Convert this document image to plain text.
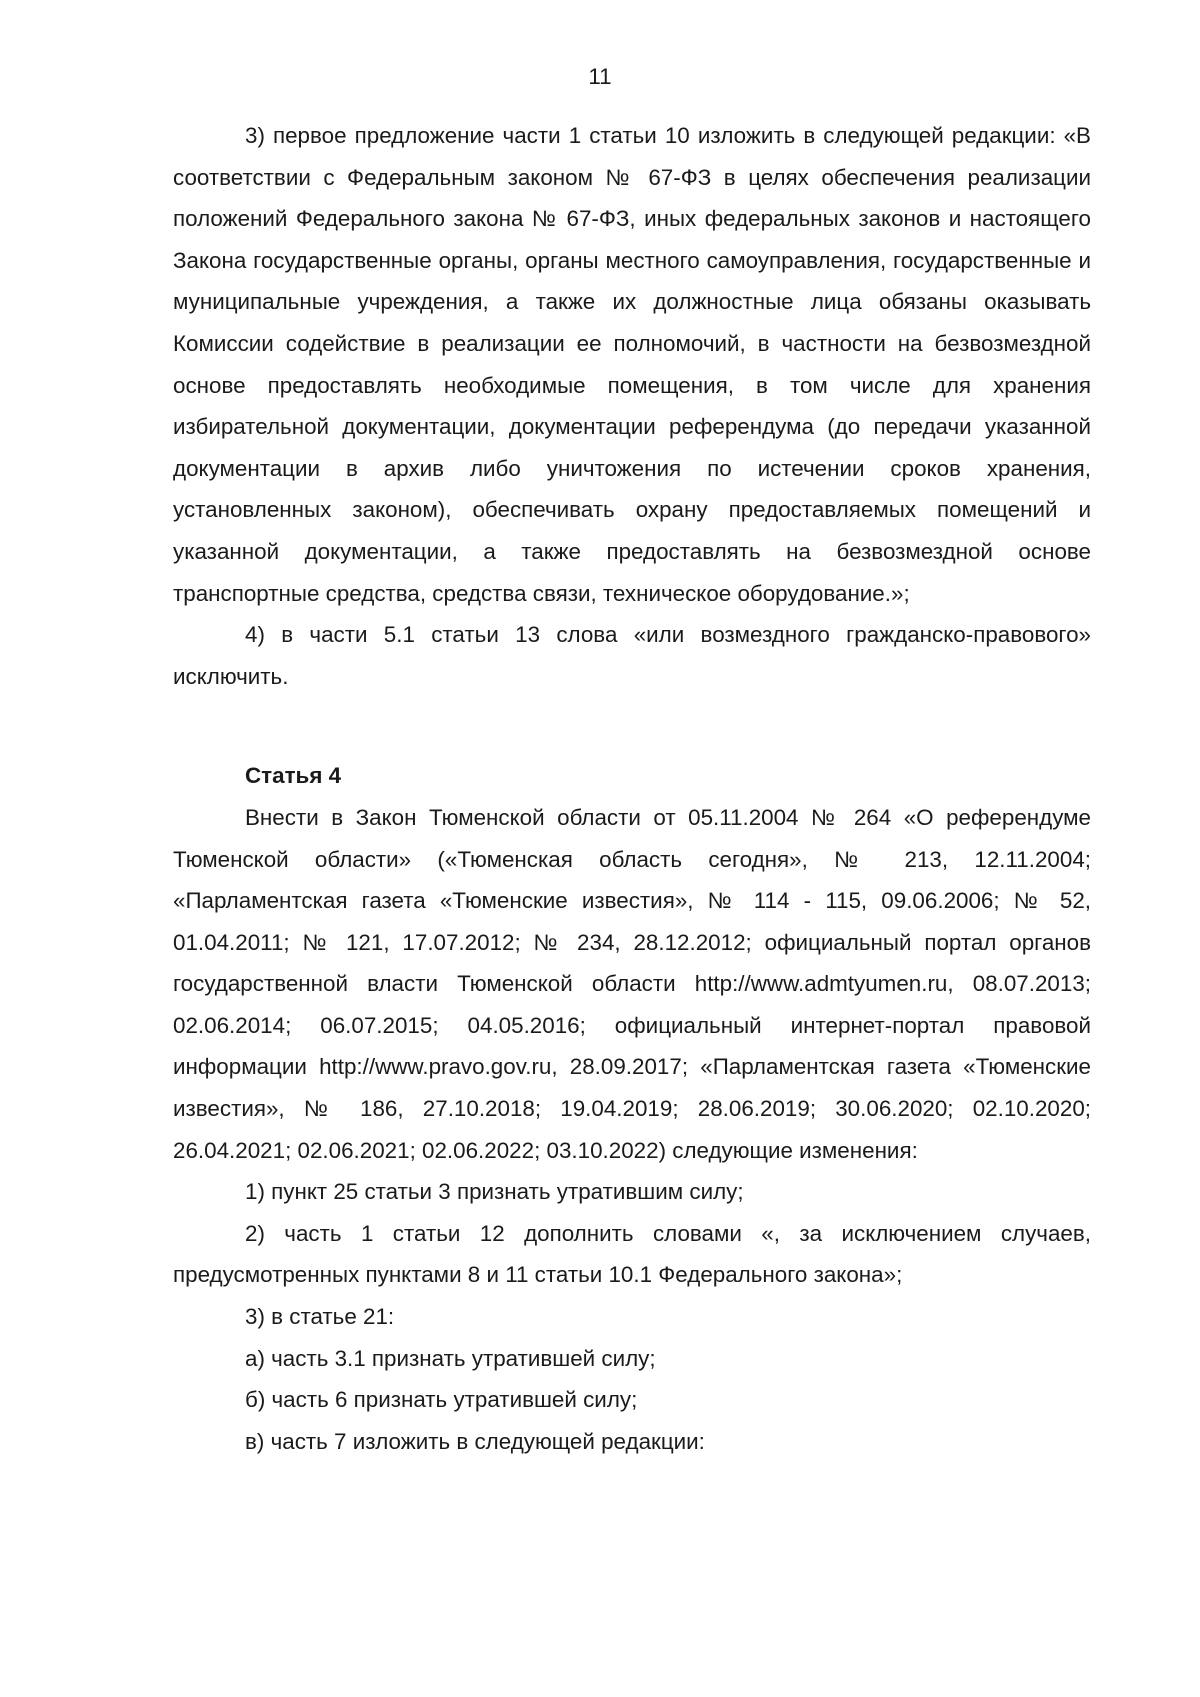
11

3) первое предложение части 1 статьи 10 изложить в следующей редакции: «В соответствии с Федеральным законом № 67-ФЗ в целях обеспечения реализации положений Федерального закона № 67-ФЗ, иных федеральных законов и настоящего Закона государственные органы, органы местного самоуправления, государственные и муниципальные учреждения, а также их должностные лица обязаны оказывать Комиссии содействие в реализации ее полномочий, в частности на безвозмездной основе предоставлять необходимые помещения, в том числе для хранения избирательной документации, документации референдума (до передачи указанной документации в архив либо уничтожения по истечении сроков хранения, установленных законом), обеспечивать охрану предоставляемых помещений и указанной документации, а также предоставлять на безвозмездной основе транспортные средства, средства связи, техническое оборудование.»;

4) в части 5.1 статьи 13 слова «или возмездного гражданско-правового» исключить.

Статья 4

Внести в Закон Тюменской области от 05.11.2004 № 264 «О референдуме Тюменской области» («Тюменская область сегодня», № 213, 12.11.2004; «Парламентская газета «Тюменские известия», № 114 - 115, 09.06.2006; № 52, 01.04.2011; № 121, 17.07.2012; № 234, 28.12.2012; официальный портал органов государственной власти Тюменской области http://www.admtyumen.ru, 08.07.2013; 02.06.2014; 06.07.2015; 04.05.2016; официальный интернет-портал правовой информации http://www.pravo.gov.ru, 28.09.2017; «Парламентская газета «Тюменские известия», № 186, 27.10.2018; 19.04.2019; 28.06.2019; 30.06.2020; 02.10.2020; 26.04.2021; 02.06.2021; 02.06.2022; 03.10.2022) следующие изменения:

1) пункт 25 статьи 3 признать утратившим силу;

2) часть 1 статьи 12 дополнить словами «, за исключением случаев, предусмотренных пунктами 8 и 11 статьи 10.1 Федерального закона»;

3) в статье 21:

а) часть 3.1 признать утратившей силу;

б) часть 6 признать утратившей силу;

в) часть 7 изложить в следующей редакции:
